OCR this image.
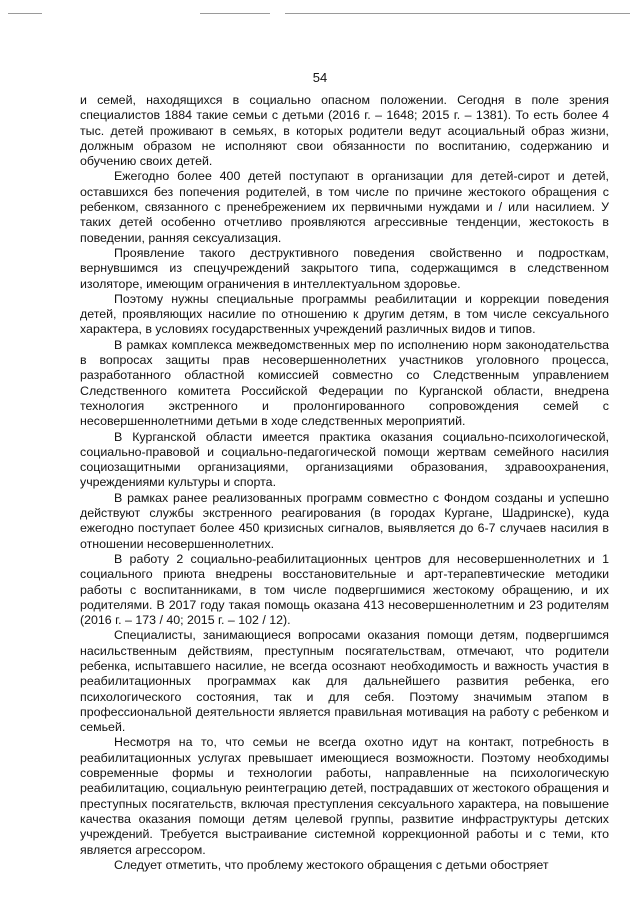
54

и семей, находящихся в социально опасном положении. Сегодня в поле зрения специалистов 1884 такие семьи с детьми (2016 г. – 1648; 2015 г. – 1381). То есть более 4 тыс. детей проживают в семьях, в которых родители ведут асоциальный образ жизни, должным образом не исполняют свои обязанности по воспитанию, содержанию и обучению своих детей.

Ежегодно более 400 детей поступают в организации для детей-сирот и детей, оставшихся без попечения родителей, в том числе по причине жестокого обращения с ребенком, связанного с пренебрежением их первичными нуждами и / или насилием. У таких детей особенно отчетливо проявляются агрессивные тенденции, жестокость в поведении, ранняя сексуализация.

Проявление такого деструктивного поведения свойственно и подросткам, вернувшимся из спецучреждений закрытого типа, содержащимся в следственном изоляторе, имеющим ограничения в интеллектуальном здоровье.

Поэтому нужны специальные программы реабилитации и коррекции поведения детей, проявляющих насилие по отношению к другим детям, в том числе сексуального характера, в условиях государственных учреждений различных видов и типов.

В рамках комплекса межведомственных мер по исполнению норм законодательства в вопросах защиты прав несовершеннолетних участников уголовного процесса, разработанного областной комиссией совместно со Следственным управлением Следственного комитета Российской Федерации по Курганской области, внедрена технология экстренного и пролонгированного сопровождения семей с несовершеннолетними детьми в ходе следственных мероприятий.

В Курганской области имеется практика оказания социально-психологической, социально-правовой и социально-педагогической помощи жертвам семейного насилия социозащитными организациями, организациями образования, здравоохранения, учреждениями культуры и спорта.

В рамках ранее реализованных программ совместно с Фондом созданы и успешно действуют службы экстренного реагирования (в городах Кургане, Шадринске), куда ежегодно поступает более 450 кризисных сигналов, выявляется до 6-7 случаев насилия в отношении несовершеннолетних.

В работу 2 социально-реабилитационных центров для несовершеннолетних и 1 социального приюта внедрены восстановительные и арт-терапевтические методики работы с воспитанниками, в том числе подвергшимися жестокому обращению, и их родителями. В 2017 году такая помощь оказана 413 несовершеннолетним и 23 родителям (2016 г. – 173 / 40; 2015 г. – 102 / 12).

Специалисты, занимающиеся вопросами оказания помощи детям, подвергшимся насильственным действиям, преступным посягательствам, отмечают, что родители ребенка, испытавшего насилие, не всегда осознают необходимость и важность участия в реабилитационных программах как для дальнейшего развития ребенка, его психологического состояния, так и для себя. Поэтому значимым этапом в профессиональной деятельности является правильная мотивация на работу с ребенком и семьей.

Несмотря на то, что семьи не всегда охотно идут на контакт, потребность в реабилитационных услугах превышает имеющиеся возможности. Поэтому необходимы современные формы и технологии работы, направленные на психологическую реабилитацию, социальную реинтеграцию детей, пострадавших от жестокого обращения и преступных посягательств, включая преступления сексуального характера, на повышение качества оказания помощи детям целевой группы, развитие инфраструктуры детских учреждений. Требуется выстраивание системной коррекционной работы и с теми, кто является агрессором.

Следует отметить, что проблему жестокого обращения с детьми обостряет
